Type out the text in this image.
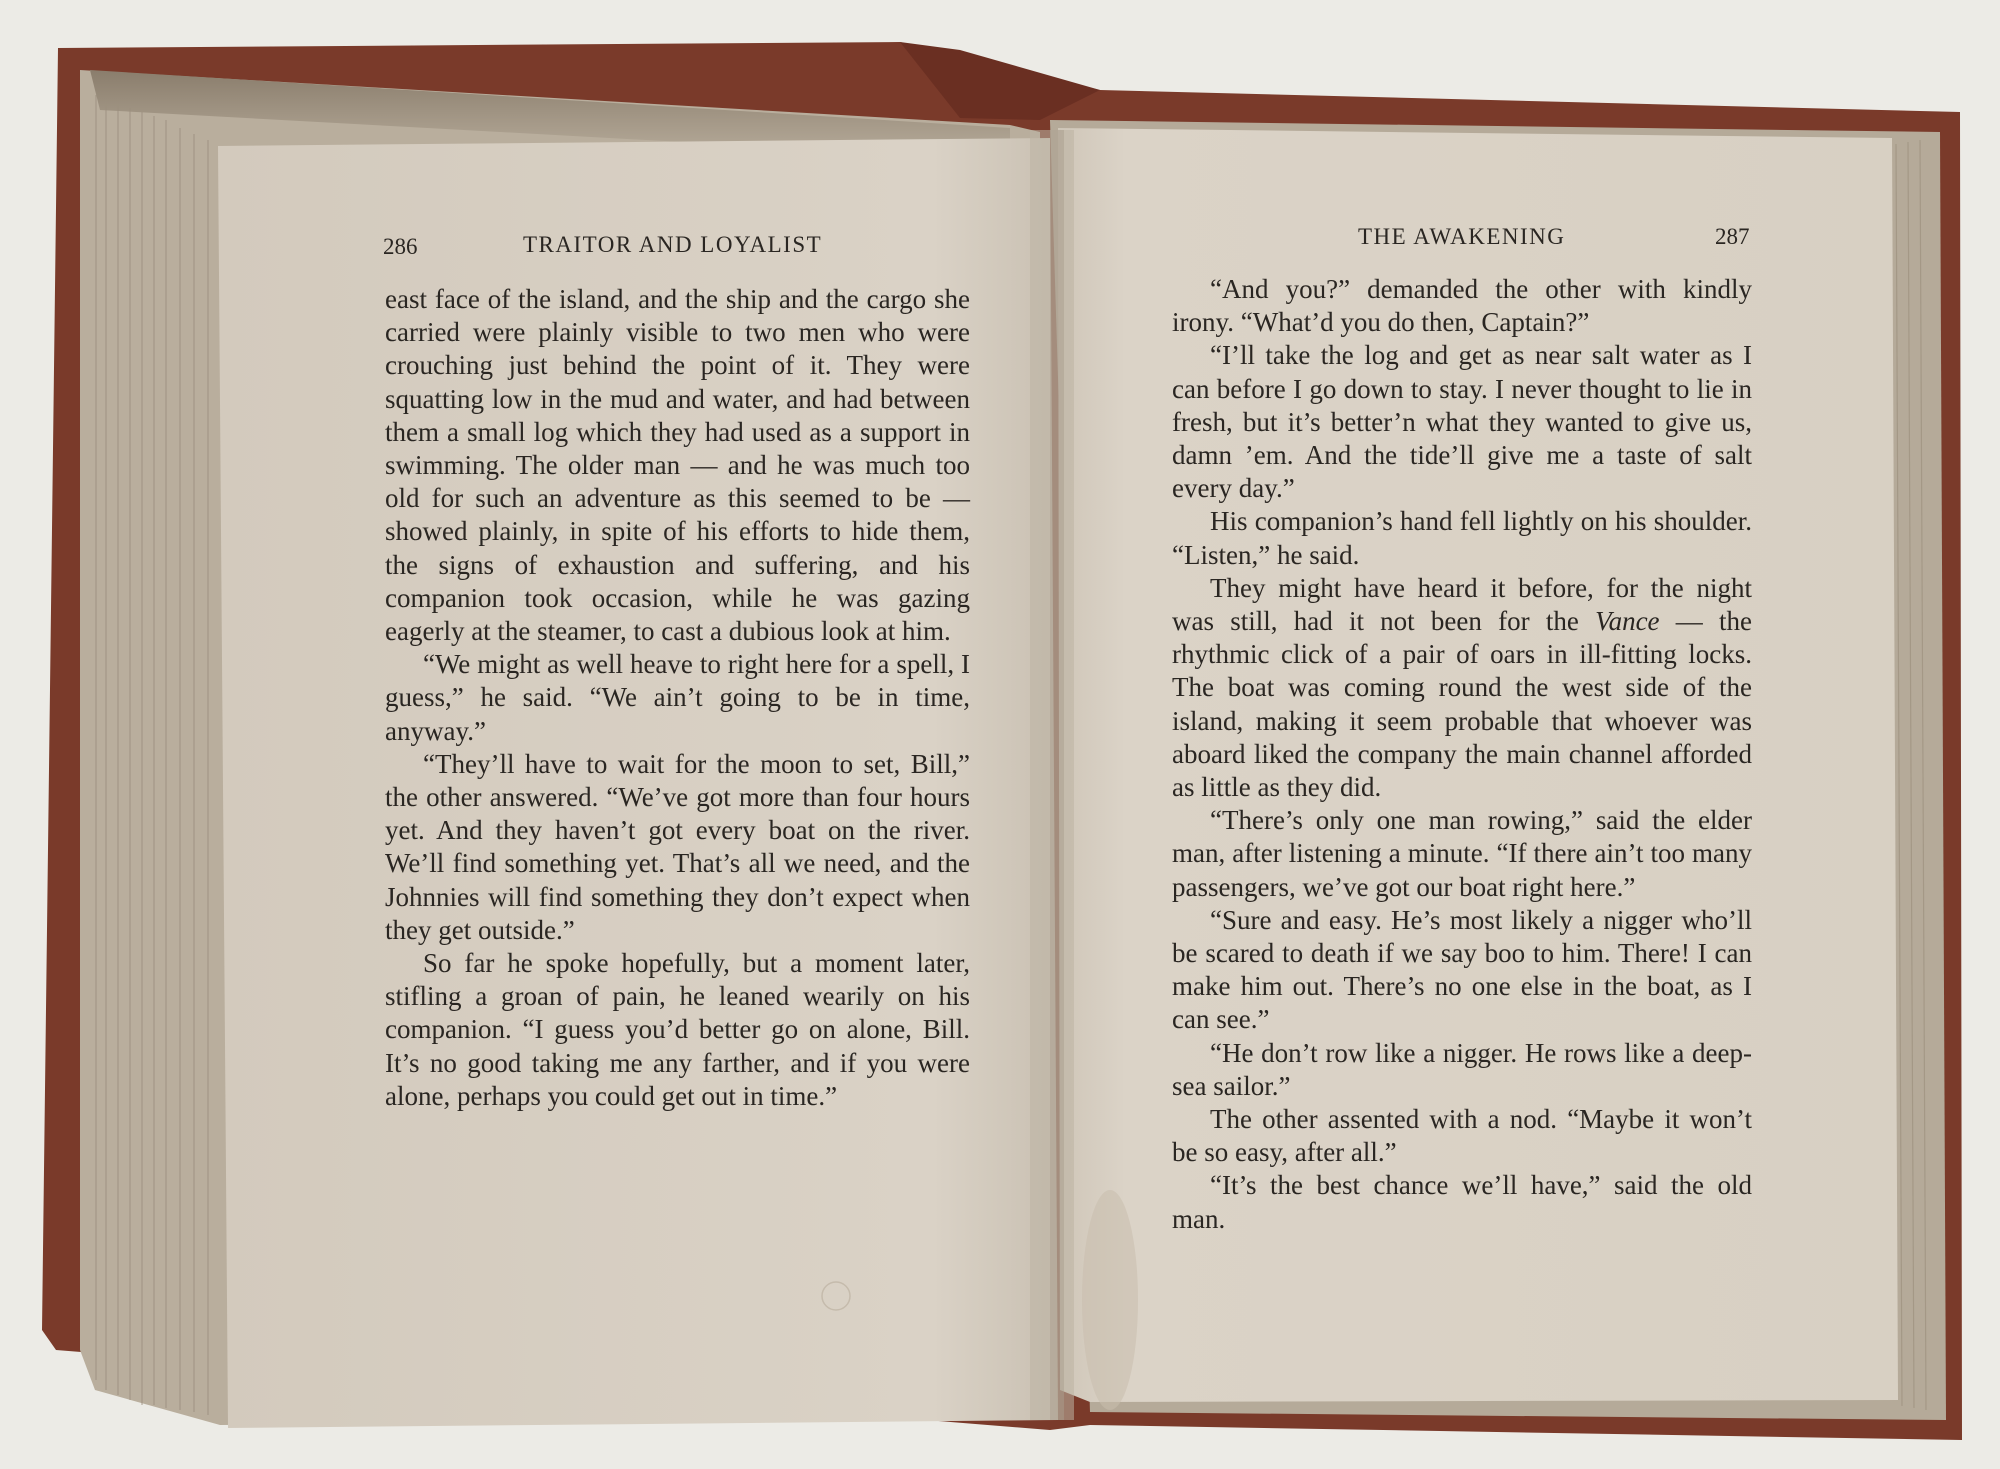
286	TRAITOR AND LOYALIST

east face of the island, and the ship and the cargo she carried were plainly visible to two men who were crouching just behind the point of it. They were squatting low in the mud and water, and had between them a small log which they had used as a support in swimming. The older man — and he was much too old for such an adventure as this seemed to be — showed plainly, in spite of his efforts to hide them, the signs of exhaustion and suffering, and his companion took occasion, while he was gazing eagerly at the steamer, to cast a dubious look at him.

“We might as well heave to right here for a spell, I guess,” he said. “We ain’t going to be in time, anyway.”

“They’ll have to wait for the moon to set, Bill,” the other answered. “We’ve got more than four hours yet. And they haven’t got every boat on the river. We’ll find something yet. That’s all we need, and the Johnnies will find something they don’t expect when they get outside.”

So far he spoke hopefully, but a moment later, stifling a groan of pain, he leaned wearily on his companion. “I guess you’d better go on alone, Bill. It’s no good taking me any farther, and if you were alone, perhaps you could get out in time.”

THE AWAKENING	287

“And you?” demanded the other with kindly irony. “What’d you do then, Captain?”

“I’ll take the log and get as near salt water as I can before I go down to stay. I never thought to lie in fresh, but it’s better’n what they wanted to give us, damn ’em. And the tide’ll give me a taste of salt every day.”

His companion’s hand fell lightly on his shoulder. “Listen,” he said.

They might have heard it before, for the night was still, had it not been for the Vance — the rhythmic click of a pair of oars in ill-fitting locks. The boat was coming round the west side of the island, making it seem probable that whoever was aboard liked the company the main channel afforded as little as they did.

“There’s only one man rowing,” said the elder man, after listening a minute. “If there ain’t too many passengers, we’ve got our boat right here.”

“Sure and easy. He’s most likely a nigger who’ll be scared to death if we say boo to him. There! I can make him out. There’s no one else in the boat, as I can see.”

“He don’t row like a nigger. He rows like a deep-sea sailor.”

The other assented with a nod. “Maybe it won’t be so easy, after all.”

“It’s the best chance we’ll have,” said the old man.
